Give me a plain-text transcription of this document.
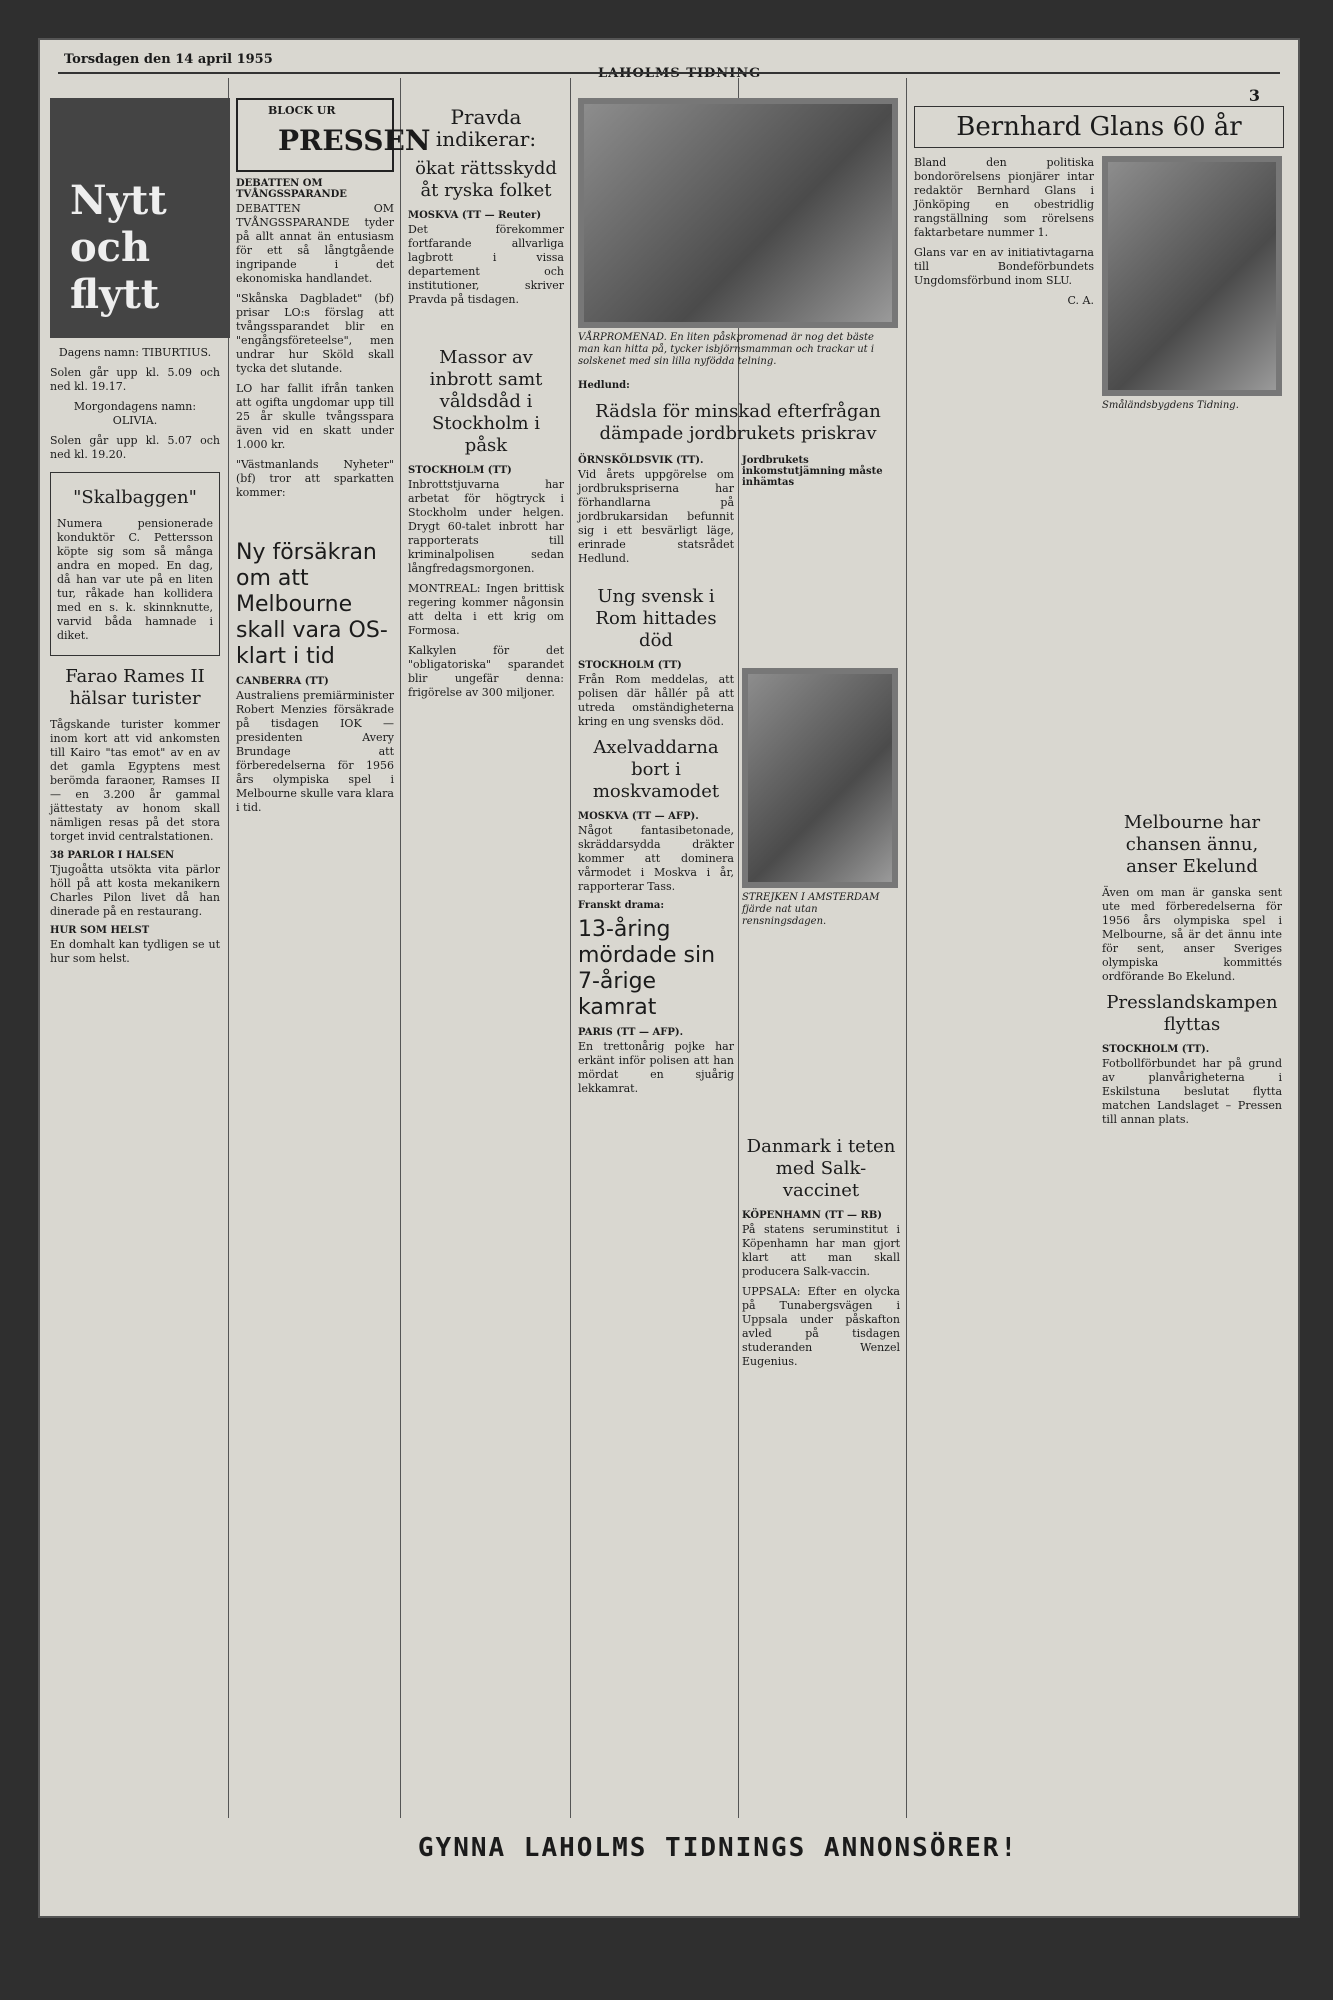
Torsdagen den 14 april 1955
LAHOLMS TIDNING
3
Nytt och flytt

Dagens namn: TIBURTIUS.

Solen går upp kl. 5.09 och ned kl. 19.17.

Morgondagens namn: OLIVIA.

Solen går upp kl. 5.07 och ned kl. 19.20.

"Skalbaggen"

Numera pensionerade konduktör C. Pettersson köpte sig som så många andra en moped. En dag, då han var ute på en liten tur, råkade han kollidera med en s. k. skinnknutte, varvid båda hamnade i diket.

Farao Rames II hälsar turister

Tågskande turister kommer inom kort att vid ankomsten till Kairo "tas emot" av en av det gamla Egyptens mest berömda faraoner, Ramses II — en 3.200 år gammal jättestaty av honom skall nämligen resas på det stora torget invid centralstationen.

38 PARLOR I HALSEN

Tjugoåtta utsökta vita pärlor höll på att kosta mekanikern Charles Pilon livet då han dinerade på en restaurang.

HUR SOM HELST

En domhalt kan tydligen se ut hur som helst.

BLOCK UR
PRESSEN
DEBATTEN OM TVÅNGSSPARANDE

DEBATTEN OM TVÅNGSSPARANDE tyder på allt annat än entusiasm för ett så långtgående ingripande i det ekonomiska handlandet.

"Skånska Dagbladet" (bf) prisar LO:s förslag att tvångssparandet blir en "engångsföreteelse", men undrar hur Sköld skall tycka det slutande.

LO har fallit ifrån tanken att ogifta ungdomar upp till 25 år skulle tvångsspara även vid en skatt under 1.000 kr.

"Västmanlands Nyheter" (bf) tror att sparkatten kommer:

Ny försäkran om att Melbourne skall vara OS-klart i tid
CANBERRA (TT)

Australiens premiärminister Robert Menzies försäkrade på tisdagen IOK — presidenten Avery Brundage att förberedelserna för 1956 års olympiska spel i Melbourne skulle vara klara i tid.

Pravda indikerar:
ökat rättsskydd åt ryska folket
MOSKVA (TT — Reuter)

Det förekommer fortfarande allvarliga lagbrott i vissa departement och institutioner, skriver Pravda på tisdagen.

Massor av inbrott samt våldsdåd i Stockholm i påsk
STOCKHOLM (TT)

Inbrottstjuvarna har arbetat för högtryck i Stockholm under helgen. Drygt 60-talet inbrott har rapporterats till kriminalpolisen sedan långfredagsmorgonen.

MONTREAL: Ingen brittisk regering kommer någonsin att delta i ett krig om Formosa.

Kalkylen för det "obligatoriska" sparandet blir ungefär denna: frigörelse av 300 miljoner.

VÅRPROMENAD. En liten påskpromenad är nog det bäste man kan hitta på, tycker isbjörnsmamman och trackar ut i solskenet med sin lilla nyfödda telning.
Hedlund:
Rädsla för minskad efterfrågan dämpade jordbrukets priskrav
ÖRNSKÖLDSVIK (TT).

Vid årets uppgörelse om jordbrukspriserna har förhandlarna på jordbrukarsidan befunnit sig i ett besvärligt läge, erinrade statsrådet Hedlund.

Ung svensk i Rom hittades död
STOCKHOLM (TT)

Från Rom meddelas, att polisen där hållér på att utreda omständigheterna kring en ung svensks död.

Axelvaddarna bort i moskvamodet
MOSKVA (TT — AFP).

Något fantasibetonade, skräddarsydda dräkter kommer att dominera vårmodet i Moskva i år, rapporterar Tass.

Franskt drama:
13-åring mördade sin 7-årige kamrat
PARIS (TT — AFP).

En trettonårig pojke har erkänt inför polisen att han mördat en sjuårig lekkamrat.

Jordbrukets inkomstutjämning måste inhämtas
STREJKEN I AMSTERDAM fjärde nat utan rensningsdagen.
Danmark i teten med Salk-vaccinet
KÖPENHAMN (TT — RB)

På statens seruminstitut i Köpenhamn har man gjort klart att man skall producera Salk-vaccin.

UPPSALA: Efter en olycka på Tunabergsvägen i Uppsala under påskafton avled på tisdagen studeranden Wenzel Eugenius.

Bernhard Glans 60 år

Bland den politiska bondorörelsens pionjärer intar redaktör Bernhard Glans i Jönköping en obestridlig rangställning som rörelsens faktarbetare nummer 1.

Glans var en av initiativtagarna till Bondeförbundets Ungdomsförbund inom SLU.

C. A.

Småländsbygdens Tidning.
Melbourne har chansen ännu, anser Ekelund

Även om man är ganska sent ute med förberedelserna för 1956 års olympiska spel i Melbourne, så är det ännu inte för sent, anser Sveriges olympiska kommittés ordförande Bo Ekelund.

Presslandskampen flyttas
STOCKHOLM (TT).

Fotbollförbundet har på grund av planvårigheterna i Eskilstuna beslutat flytta matchen Landslaget – Pressen till annan plats.

GYNNA LAHOLMS TIDNINGS ANNONSÖRER!
